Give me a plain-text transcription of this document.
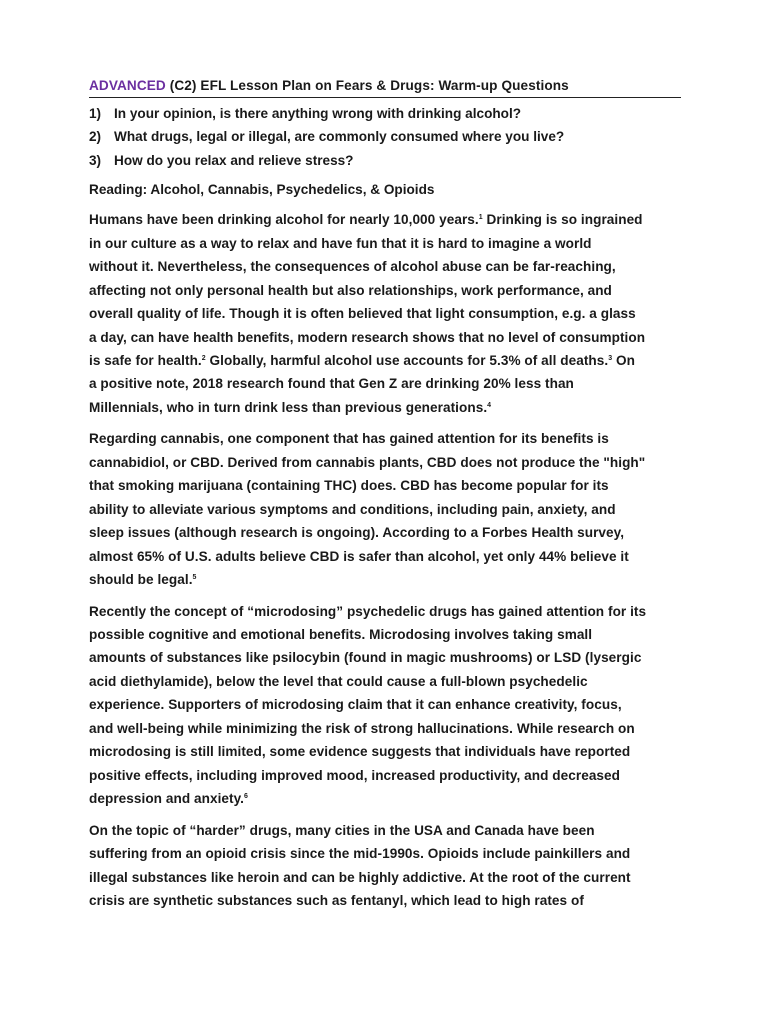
ADVANCED (C2) EFL Lesson Plan on Fears & Drugs: Warm-up Questions
1) In your opinion, is there anything wrong with drinking alcohol?
2) What drugs, legal or illegal, are commonly consumed where you live?
3) How do you relax and relieve stress?
Reading: Alcohol, Cannabis, Psychedelics, & Opioids

Humans have been drinking alcohol for nearly 10,000 years.$^1$ Drinking is so ingrained
in our culture as a way to relax and have fun that it is hard to imagine a world
without it. Nevertheless, the consequences of alcohol abuse can be far-reaching,
affecting not only personal health but also relationships, work performance, and
overall quality of life. Though it is often believed that light consumption, e.g. a glass
a day, can have health benefits, modern research shows that no level of consumption
is safe for health.$^2$ Globally, harmful alcohol use accounts for 5.3% of all deaths.$^3$ On
a positive note, 2018 research found that Gen Z are drinking 20% less than
Millennials, who in turn drink less than previous generations.$^4$

Regarding cannabis, one component that has gained attention for its benefits is
cannabidiol, or CBD. Derived from cannabis plants, CBD does not produce the "high"
that smoking marijuana (containing THC) does. CBD has become popular for its
ability to alleviate various symptoms and conditions, including pain, anxiety, and
sleep issues (although research is ongoing). According to a Forbes Health survey,
almost 65% of U.S. adults believe CBD is safer than alcohol, yet only 44% believe it
should be legal.$^5$

Recently the concept of “microdosing” psychedelic drugs has gained attention for its
possible cognitive and emotional benefits. Microdosing involves taking small
amounts of substances like psilocybin (found in magic mushrooms) or LSD (lysergic
acid diethylamide), below the level that could cause a full-blown psychedelic
experience. Supporters of microdosing claim that it can enhance creativity, focus,
and well-being while minimizing the risk of strong hallucinations. While research on
microdosing is still limited, some evidence suggests that individuals have reported
positive effects, including improved mood, increased productivity, and decreased
depression and anxiety.$^6$

On the topic of “harder” drugs, many cities in the USA and Canada have been
suffering from an opioid crisis since the mid-1990s. Opioids include painkillers and
illegal substances like heroin and can be highly addictive. At the root of the current
crisis are synthetic substances such as fentanyl, which lead to high rates of
